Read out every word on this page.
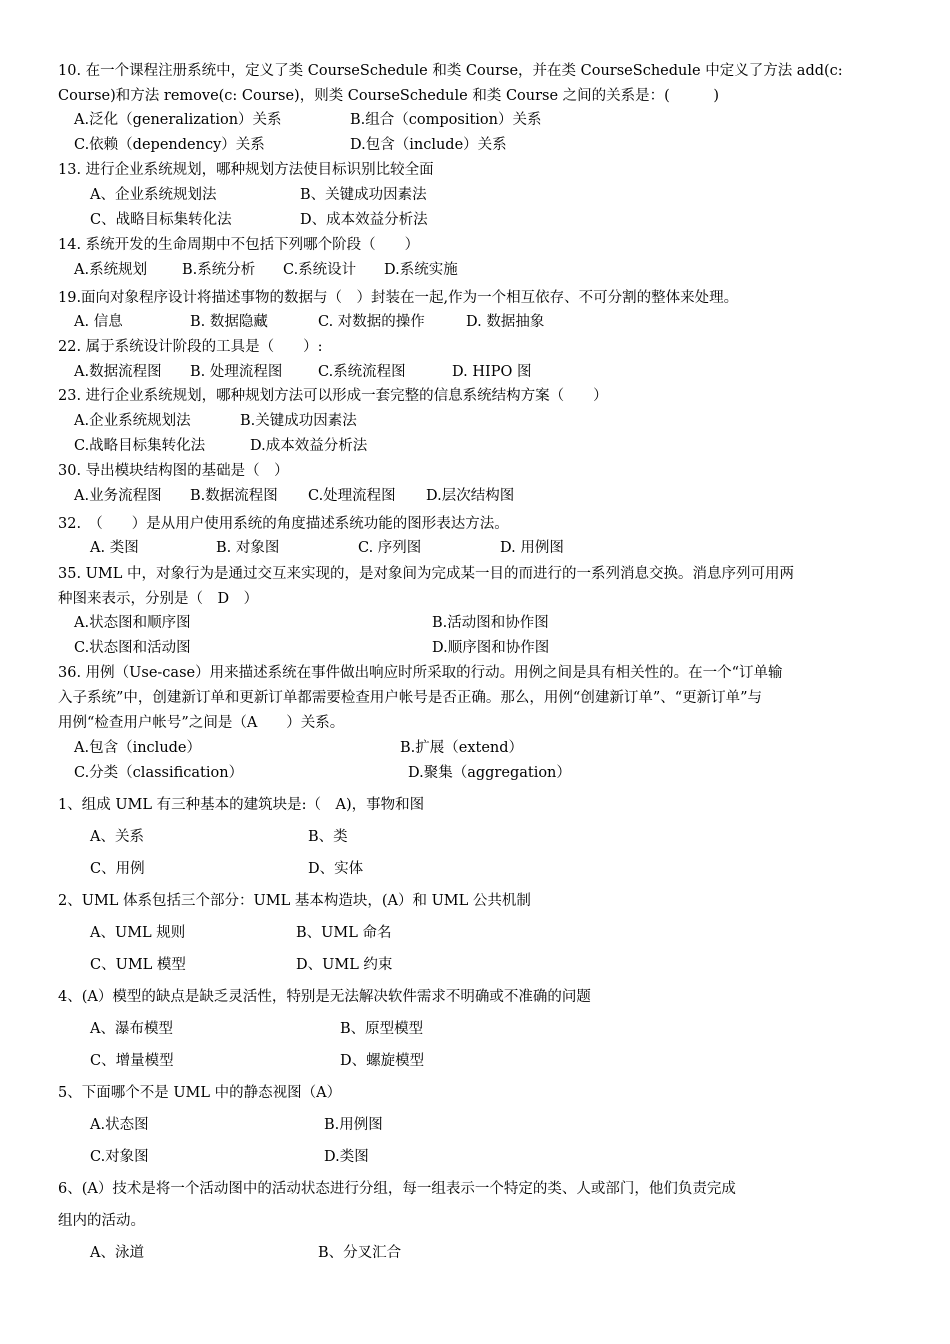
10. 在一个课程注册系统中，定义了类 CourseSchedule 和类 Course，并在类 CourseSchedule 中定义了方法 add(c:
Course)和方法 remove(c: Course)，则类 CourseSchedule 和类 Course 之间的关系是：(　　　)
A.泛化（generalization）关系	B.组合（composition）关系
C.依赖（dependency）关系	D.包含（include）关系
13. 进行企业系统规划，哪种规划方法使目标识别比较全面
A、企业系统规划法	B、关键成功因素法
C、战略目标集转化法	D、成本效益分析法
14. 系统开发的生命周期中不包括下列哪个阶段（　　）
A.系统规划 B.系统分析 C.系统设计 D.系统实施
19.面向对象程序设计将描述事物的数据与（　）封装在一起,作为一个相互依存、不可分割的整体来处理。
A. 信息	B. 数据隐藏	C. 对数据的操作	D. 数据抽象
22. 属于系统设计阶段的工具是（　　）:
A.数据流程图 B. 处理流程图 C.系统流程图	D. HIPO 图
23. 进行企业系统规划，哪种规划方法可以形成一套完整的信息系统结构方案（　　）
A.企业系统规划法	B.关键成功因素法
C.战略目标集转化法	D.成本效益分析法
30. 导出模块结构图的基础是（　）
A.业务流程图 B.数据流程图 C.处理流程图 D.层次结构图
32.　（　　）是从用户使用系统的角度描述系统功能的图形表达方法。
A. 类图	B. 对象图	C. 序列图	D. 用例图
35. UML 中，对象行为是通过交互来实现的，是对象间为完成某一目的而进行的一系列消息交换。消息序列可用两
种图来表示，分别是（　D　）
A.状态图和顺序图	B.活动图和协作图
C.状态图和活动图	D.顺序图和协作图
36. 用例（Use-case）用来描述系统在事件做出响应时所采取的行动。用例之间是具有相关性的。在一个“订单输
入子系统”中，创建新订单和更新订单都需要检查用户帐号是否正确。那么，用例“创建新订单”、“更新订单”与
用例“检查用户帐号”之间是（A　　）关系。
A.包含（include）	B.扩展（extend）
C.分类（classification）	D.聚集（aggregation）
1、组成 UML 有三种基本的建筑块是:（　A)，事物和图
A、关系	B、类
C、用例	D、实体
2、UML 体系包括三个部分：UML 基本构造块，(A）和 UML 公共机制
A、UML 规则	B、UML 命名
C、UML 模型	D、UML 约束
4、(A）模型的缺点是缺乏灵活性，特别是无法解决软件需求不明确或不准确的问题
A、瀑布模型	B、原型模型
C、增量模型	D、螺旋模型
5、下面哪个不是 UML 中的静态视图（A）
A.状态图	B.用例图
C.对象图	D.类图
6、(A）技术是将一个活动图中的活动状态进行分组，每一组表示一个特定的类、人或部门，他们负责完成
组内的活动。
A、泳道	B、分叉汇合
